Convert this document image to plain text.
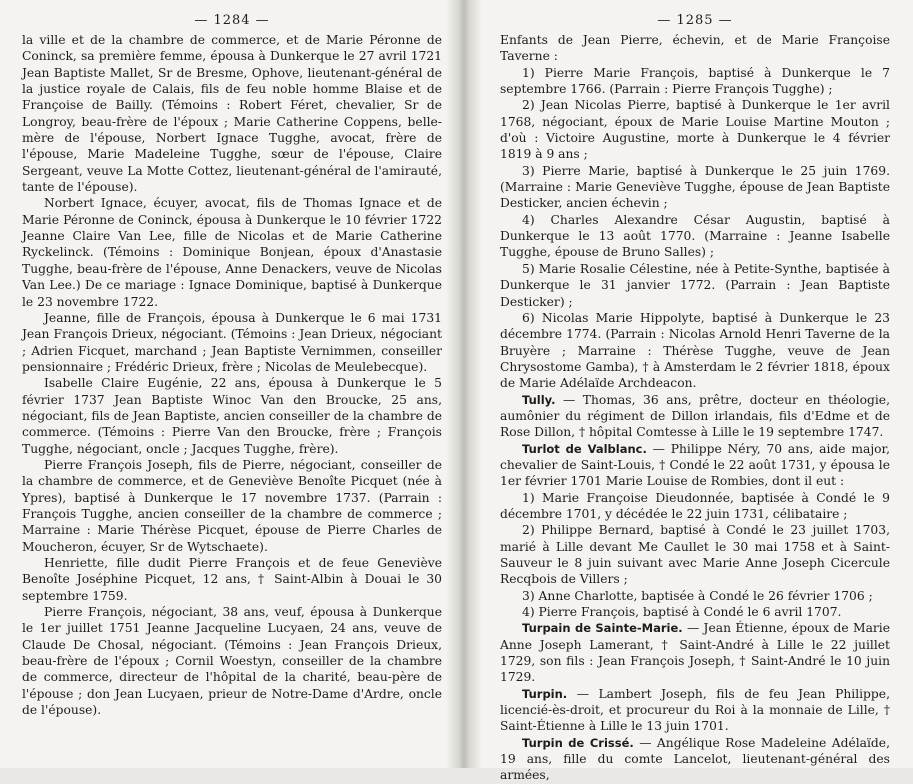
— 1284 —

la ville et de la chambre de commerce, et de Marie Péronne de Coninck, sa première femme, épousa à Dunkerque le 27 avril 1721 Jean Baptiste Mallet, Sr de Bresme, Ophove, lieutenant-général de la justice royale de Calais, fils de feu noble homme Blaise et de Françoise de Bailly. (Témoins : Robert Féret, chevalier, Sr de Longroy, beau-frère de l'époux ; Marie Catherine Coppens, belle-mère de l'épouse, Norbert Ignace Tugghe, avocat, frère de l'épouse, Marie Madeleine Tugghe, sœur de l'épouse, Claire Sergeant, veuve La Motte Cottez, lieutenant-général de l'amirauté, tante de l'épouse).

Norbert Ignace, écuyer, avocat, fils de Thomas Ignace et de Marie Péronne de Coninck, épousa à Dunkerque le 10 février 1722 Jeanne Claire Van Lee, fille de Nicolas et de Marie Catherine Ryckelinck. (Témoins : Dominique Bonjean, époux d'Anastasie Tugghe, beau-frère de l'épouse, Anne Denackers, veuve de Nicolas Van Lee.) De ce mariage : Ignace Dominique, baptisé à Dunkerque le 23 novembre 1722.

Jeanne, fille de François, épousa à Dunkerque le 6 mai 1731 Jean François Drieux, négociant. (Témoins : Jean Drieux, négociant ; Adrien Ficquet, marchand ; Jean Baptiste Vernimmen, conseiller pensionnaire ; Frédéric Drieux, frère ; Nicolas de Meulebecque).

Isabelle Claire Eugénie, 22 ans, épousa à Dunkerque le 5 février 1737 Jean Baptiste Winoc Van den Broucke, 25 ans, négociant, fils de Jean Baptiste, ancien conseiller de la chambre de commerce. (Témoins : Pierre Van den Broucke, frère ; François Tugghe, négociant, oncle ; Jacques Tugghe, frère).

Pierre François Joseph, fils de Pierre, négociant, conseiller de la chambre de commerce, et de Geneviève Benoîte Picquet (née à Ypres), baptisé à Dunkerque le 17 novembre 1737. (Parrain : François Tugghe, ancien conseiller de la chambre de commerce ; Marraine : Marie Thérèse Picquet, épouse de Pierre Charles de Moucheron, écuyer, Sr de Wytschaete).

Henriette, fille dudit Pierre François et de feue Geneviève Benoîte Joséphine Picquet, 12 ans, † Saint-Albin à Douai le 30 septembre 1759.

Pierre François, négociant, 38 ans, veuf, épousa à Dunkerque le 1er juillet 1751 Jeanne Jacqueline Lucyaen, 24 ans, veuve de Claude De Chosal, négociant. (Témoins : Jean François Drieux, beau-frère de l'époux ; Cornil Woestyn, conseiller de la chambre de commerce, directeur de l'hôpital de la charité, beau-père de l'épouse ; don Jean Lucyaen, prieur de Notre-Dame d'Ardre, oncle de l'épouse).

— 1285 —

Enfants de Jean Pierre, échevin, et de Marie Françoise Taverne :

1) Pierre Marie François, baptisé à Dunkerque le 7 septembre 1766. (Parrain : Pierre François Tugghe) ;

2) Jean Nicolas Pierre, baptisé à Dunkerque le 1er avril 1768, négociant, époux de Marie Louise Martine Mouton ; d'où : Victoire Augustine, morte à Dunkerque le 4 février 1819 à 9 ans ;

3) Pierre Marie, baptisé à Dunkerque le 25 juin 1769. (Marraine : Marie Geneviève Tugghe, épouse de Jean Baptiste Desticker, ancien échevin ;

4) Charles Alexandre César Augustin, baptisé à Dunkerque le 13 août 1770. (Marraine : Jeanne Isabelle Tugghe, épouse de Bruno Salles) ;

5) Marie Rosalie Célestine, née à Petite-Synthe, baptisée à Dunkerque le 31 janvier 1772. (Parrain : Jean Baptiste Desticker) ;

6) Nicolas Marie Hippolyte, baptisé à Dunkerque le 23 décembre 1774. (Parrain : Nicolas Arnold Henri Taverne de la Bruyère ; Marraine : Thérèse Tugghe, veuve de Jean Chrysostome Gamba), † à Amsterdam le 2 février 1818, époux de Marie Adélaïde Archdeacon.

Tully. — Thomas, 36 ans, prêtre, docteur en théologie, aumônier du régiment de Dillon irlandais, fils d'Edme et de Rose Dillon, † hôpital Comtesse à Lille le 19 septembre 1747.

Turlot de Valblanc. — Philippe Néry, 70 ans, aide major, chevalier de Saint-Louis, † Condé le 22 août 1731, y épousa le 1er février 1701 Marie Louise de Rombies, dont il eut :

1) Marie Françoise Dieudonnée, baptisée à Condé le 9 décembre 1701, y décédée le 22 juin 1731, célibataire ;

2) Philippe Bernard, baptisé à Condé le 23 juillet 1703, marié à Lille devant Me Caullet le 30 mai 1758 et à Saint-Sauveur le 8 juin suivant avec Marie Anne Joseph Cicercule Recqbois de Villers ;

3) Anne Charlotte, baptisée à Condé le 26 février 1706 ;

4) Pierre François, baptisé à Condé le 6 avril 1707.

Turpain de Sainte-Marie. — Jean Étienne, époux de Marie Anne Joseph Lamerant, † Saint-André à Lille le 22 juillet 1729, son fils : Jean François Joseph, † Saint-André le 10 juin 1729.

Turpin. — Lambert Joseph, fils de feu Jean Philippe, licencié-ès-droit, et procureur du Roi à la monnaie de Lille, † Saint-Étienne à Lille le 13 juin 1701.

Turpin de Crissé. — Angélique Rose Madeleine Adélaïde, 19 ans, fille du comte Lancelot, lieutenant-général des armées,
